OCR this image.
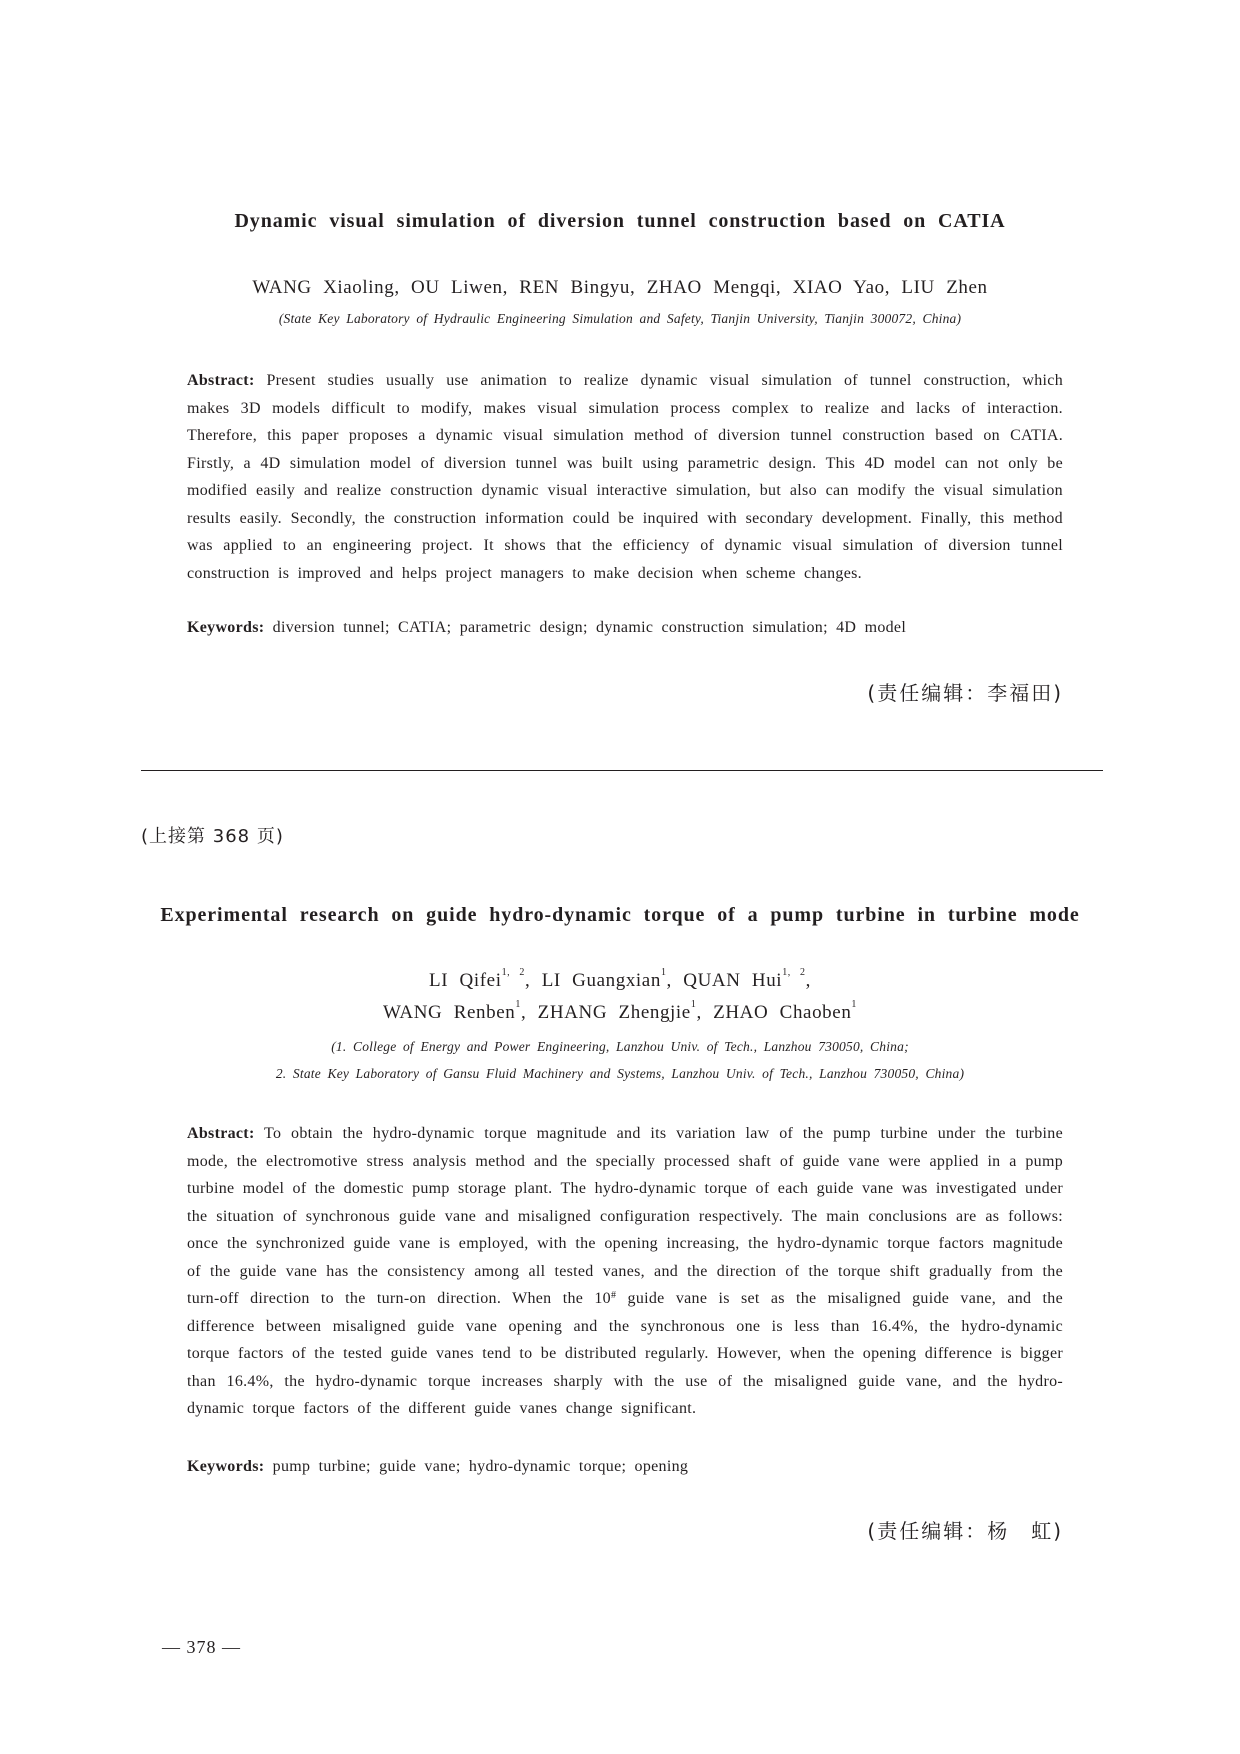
Dynamic visual simulation of diversion tunnel construction based on CATIA
WANG Xiaoling, OU Liwen, REN Bingyu, ZHAO Mengqi, XIAO Yao, LIU Zhen
(State Key Laboratory of Hydraulic Engineering Simulation and Safety, Tianjin University, Tianjin 300072, China)
Abstract: Present studies usually use animation to realize dynamic visual simulation of tunnel construction, which makes 3D models difficult to modify, makes visual simulation process complex to realize and lacks of interaction. Therefore, this paper proposes a dynamic visual simulation method of diversion tunnel construction based on CATIA. Firstly, a 4D simulation model of diversion tunnel was built using parametric design. This 4D model can not only be modified easily and realize construction dynamic visual interactive simulation, but also can modify the visual simulation results easily. Secondly, the construction information could be inquired with secondary development. Finally, this method was applied to an engineering project. It shows that the efficiency of dynamic visual simulation of diversion tunnel construction is improved and helps project managers to make decision when scheme changes.
Keywords: diversion tunnel; CATIA; parametric design; dynamic construction simulation; 4D model
(责任编辑：李福田)
(上接第 368 页)
Experimental research on guide hydro-dynamic torque of a pump turbine in turbine mode
LI Qifei$^{1, 2}$, LI Guangxian$^1$, QUAN Hui$^{1, 2}$,
WANG Renben$^1$, ZHANG Zhengjie$^1$, ZHAO Chaoben$^1$
(1. College of Energy and Power Engineering, Lanzhou Univ. of Tech., Lanzhou 730050, China;
2. State Key Laboratory of Gansu Fluid Machinery and Systems, Lanzhou Univ. of Tech., Lanzhou 730050, China)
Abstract: To obtain the hydro-dynamic torque magnitude and its variation law of the pump turbine under the turbine mode, the electromotive stress analysis method and the specially processed shaft of guide vane were applied in a pump turbine model of the domestic pump storage plant. The hydro-dynamic torque of each guide vane was investigated under the situation of synchronous guide vane and misaligned configuration respectively. The main conclusions are as follows: once the synchronized guide vane is employed, with the opening increasing, the hydro-dynamic torque factors magnitude of the guide vane has the consistency among all tested vanes, and the direction of the torque shift gradually from the turn-off direction to the turn-on direction. When the 10# guide vane is set as the misaligned guide vane, and the difference between misaligned guide vane opening and the synchronous one is less than 16.4%, the hydro-dynamic torque factors of the tested guide vanes tend to be distributed regularly. However, when the opening difference is bigger than 16.4%, the hydro-dynamic torque increases sharply with the use of the misaligned guide vane, and the hydro-dynamic torque factors of the different guide vanes change significant.
Keywords: pump turbine; guide vane; hydro-dynamic torque; opening
(责任编辑：杨　虹)
— 378 —
